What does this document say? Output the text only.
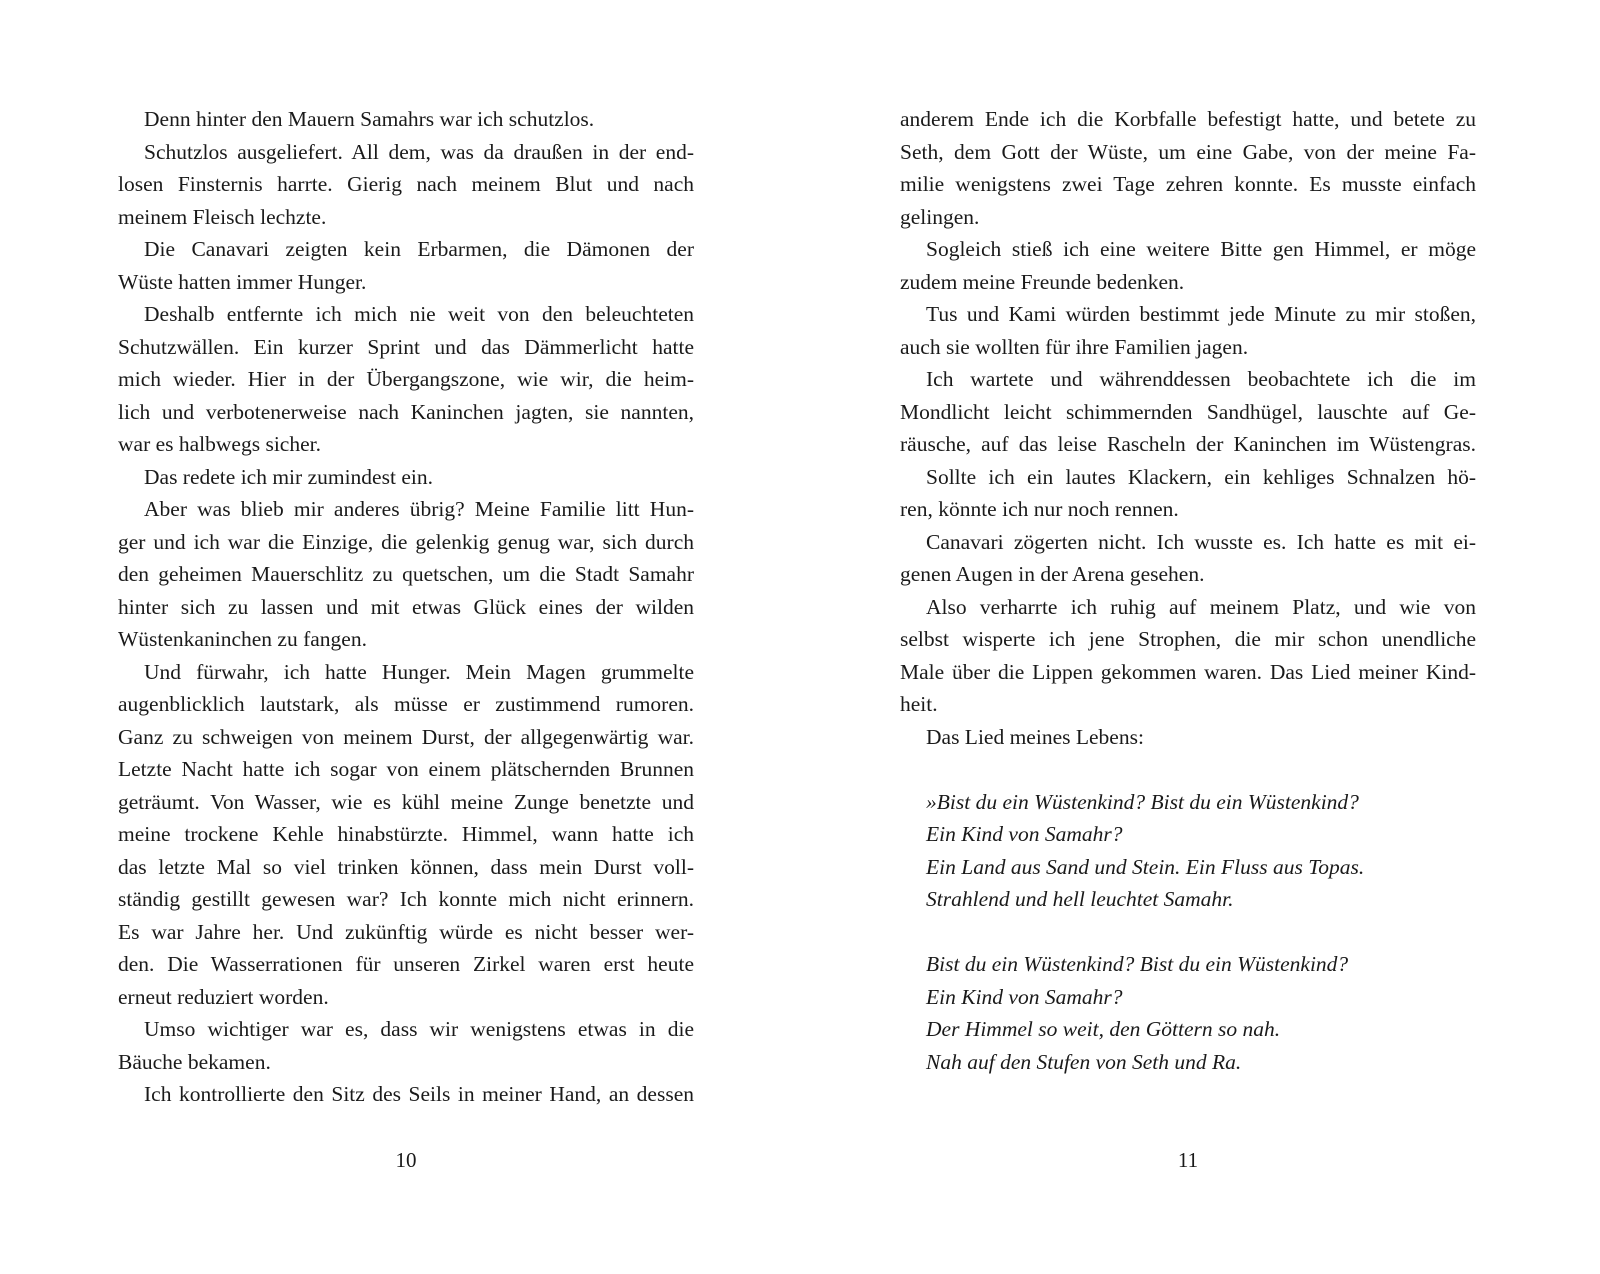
Denn hinter den Mauern Samahrs war ich schutzlos.
Schutzlos ausgeliefert. All dem, was da draußen in der end-
losen Finsternis harrte. Gierig nach meinem Blut und nach
meinem Fleisch lechzte.
Die Canavari zeigten kein Erbarmen, die Dämonen der
Wüste hatten immer Hunger.
Deshalb entfernte ich mich nie weit von den beleuchteten
Schutzwällen. Ein kurzer Sprint und das Dämmerlicht hatte
mich wieder. Hier in der Übergangszone, wie wir, die heim-
lich und verbotenerweise nach Kaninchen jagten, sie nannten,
war es halbwegs sicher.
Das redete ich mir zumindest ein.
Aber was blieb mir anderes übrig? Meine Familie litt Hun-
ger und ich war die Einzige, die gelenkig genug war, sich durch
den geheimen Mauerschlitz zu quetschen, um die Stadt Samahr
hinter sich zu lassen und mit etwas Glück eines der wilden
Wüstenkaninchen zu fangen.
Und fürwahr, ich hatte Hunger. Mein Magen grummelte
augenblicklich lautstark, als müsse er zustimmend rumoren.
Ganz zu schweigen von meinem Durst, der allgegenwärtig war.
Letzte Nacht hatte ich sogar von einem plätschernden Brunnen
geträumt. Von Wasser, wie es kühl meine Zunge benetzte und
meine trockene Kehle hinabstürzte. Himmel, wann hatte ich
das letzte Mal so viel trinken können, dass mein Durst voll-
ständig gestillt gewesen war? Ich konnte mich nicht erinnern.
Es war Jahre her. Und zukünftig würde es nicht besser wer-
den. Die Wasserrationen für unseren Zirkel waren erst heute
erneut reduziert worden.
Umso wichtiger war es, dass wir wenigstens etwas in die
Bäuche bekamen.
Ich kontrollierte den Sitz des Seils in meiner Hand, an dessen
anderem Ende ich die Korbfalle befestigt hatte, und betete zu
Seth, dem Gott der Wüste, um eine Gabe, von der meine Fa-
milie wenigstens zwei Tage zehren konnte. Es musste einfach
gelingen.
Sogleich stieß ich eine weitere Bitte gen Himmel, er möge
zudem meine Freunde bedenken.
Tus und Kami würden bestimmt jede Minute zu mir stoßen,
auch sie wollten für ihre Familien jagen.
Ich wartete und währenddessen beobachtete ich die im
Mondlicht leicht schimmernden Sandhügel, lauschte auf Ge-
räusche, auf das leise Rascheln der Kaninchen im Wüstengras.
Sollte ich ein lautes Klackern, ein kehliges Schnalzen hö-
ren, könnte ich nur noch rennen.
Canavari zögerten nicht. Ich wusste es. Ich hatte es mit ei-
genen Augen in der Arena gesehen.
Also verharrte ich ruhig auf meinem Platz, und wie von
selbst wisperte ich jene Strophen, die mir schon unendliche
Male über die Lippen gekommen waren. Das Lied meiner Kind-
heit.
Das Lied meines Lebens:
»Bist du ein Wüstenkind? Bist du ein Wüstenkind?
Ein Kind von Samahr?
Ein Land aus Sand und Stein. Ein Fluss aus Topas.
Strahlend und hell leuchtet Samahr.
Bist du ein Wüstenkind? Bist du ein Wüstenkind?
Ein Kind von Samahr?
Der Himmel so weit, den Göttern so nah.
Nah auf den Stufen von Seth und Ra.
10	11
